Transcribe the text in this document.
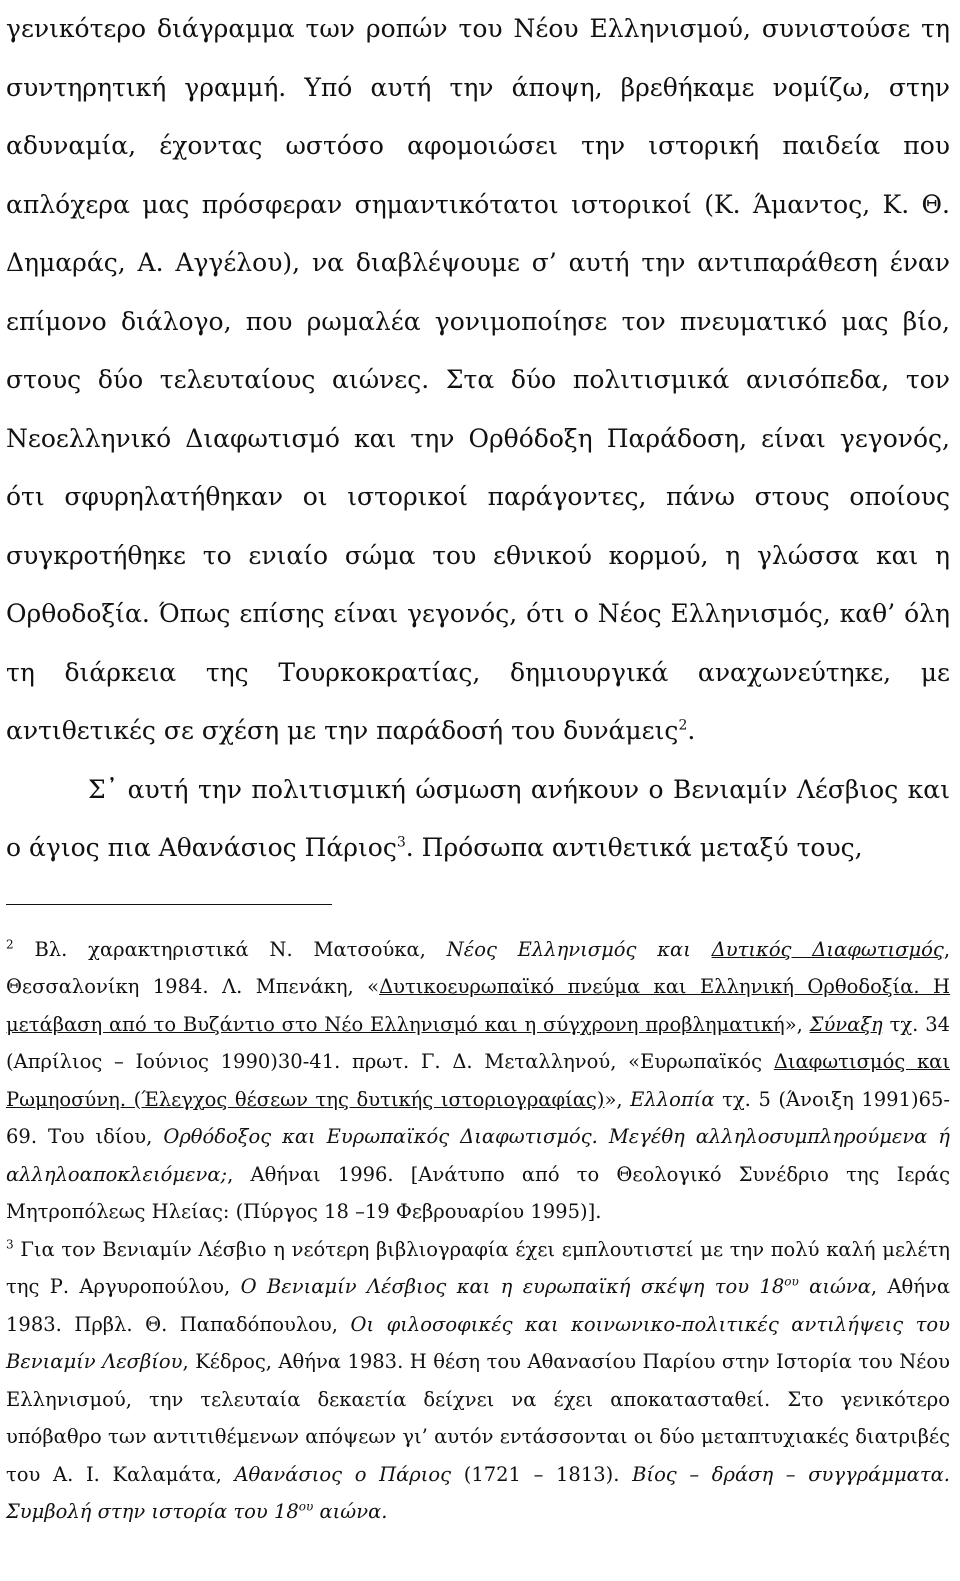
γενικότερο διάγραμμα των ροπών του Νέου Ελληνισμού, συνιστούσε τη συντηρητική γραμμή. Υπό αυτή την άποψη, βρεθήκαμε νομίζω, στην αδυναμία, έχοντας ωστόσο αφομοιώσει την ιστορική παιδεία που απλόχερα μας πρόσφεραν σημαντικότατοι ιστορικοί (Κ. Άμαντος, Κ. Θ. Δημαράς, Α. Αγγέλου), να διαβλέψουμε σ’ αυτή την αντιπαράθεση έναν επίμονο διάλογο, που ρωμαλέα γονιμοποίησε τον πνευματικό μας βίο, στους δύο τελευταίους αιώνες. Στα δύο πολιτισμικά ανισόπεδα, τον Νεοελληνικό Διαφωτισμό και την Ορθόδοξη Παράδοση, είναι γεγονός, ότι σφυρηλατήθηκαν οι ιστορικοί παράγοντες, πάνω στους οποίους συγκροτήθηκε το ενιαίο σώμα του εθνικού κορμού, η γλώσσα και η Ορθοδοξία. Όπως επίσης είναι γεγονός, ότι ο Νέος Ελληνισμός, καθ’ όλη τη διάρκεια της Τουρκοκρατίας, δημιουργικά αναχωνεύτηκε, με αντιθετικές σε σχέση με την παράδοσή του δυνάμεις$^2$.

Σ᾽ αυτή την πολιτισμική ώσμωση ανήκουν ο Βενιαμίν Λέσβιος και ο άγιος πια Αθανάσιος Πάριος$^3$. Πρόσωπα αντιθετικά μεταξύ τους,

$^2$ Βλ. χαρακτηριστικά Ν. Ματσούκα, Νέος Ελληνισμός και Δυτικός Διαφωτισμός, Θεσσαλονίκη 1984. Λ. Μπενάκη, «Δυτικοευρωπαϊκό πνεύμα και Ελληνική Ορθοδοξία. Η μετάβαση από το Βυζάντιο στο Νέο Ελληνισμό και η σύγχρονη προβληματική», Σύναξη τχ. 34 (Απρίλιος – Ιούνιος 1990)30-41. πρωτ. Γ. Δ. Μεταλληνού, «Ευρωπαϊκός Διαφωτισμός και Ρωμηοσύνη. (Έλεγχος θέσεων της δυτικής ιστοριογραφίας)», Ελλοπία τχ. 5 (Άνοιξη 1991)65-69. Του ιδίου, Ορθόδοξος και Ευρωπαϊκός Διαφωτισμός. Μεγέθη αλληλοσυμπληρούμενα ή αλληλοαποκλειόμενα;, Αθήναι 1996. [Ανάτυπο από το Θεολογικό Συνέδριο της Ιεράς Μητροπόλεως Ηλείας: (Πύργος 18 –19 Φεβρουαρίου 1995)].

$^3$ Για τον Βενιαμίν Λέσβιο η νεότερη βιβλιογραφία έχει εμπλουτιστεί με την πολύ καλή μελέτη της Ρ. Αργυροπούλου, Ο Βενιαμίν Λέσβιος και η ευρωπαϊκή σκέψη του 18$^{o\upsilon}$ αιώνα, Αθήνα 1983. Πρβλ. Θ. Παπαδόπουλου, Οι φιλοσοφικές και κοινωνικο-πολιτικές αντιλήψεις του Βενιαμίν Λεσβίου, Κέδρος, Αθήνα 1983. Η θέση του Αθανασίου Παρίου στην Ιστορία του Νέου Ελληνισμού, την τελευταία δεκαετία δείχνει να έχει αποκατασταθεί. Στο γενικότερο υπόβαθρο των αντιτιθέμενων απόψεων γι’ αυτόν εντάσσονται οι δύο μεταπτυχιακές διατριβές του Α. Ι. Καλαμάτα, Αθανάσιος ο Πάριος (1721 – 1813). Βίος – δράση – συγγράμματα. Συμβολή στην ιστορία του 18$^{o\upsilon}$ αιώνα.
